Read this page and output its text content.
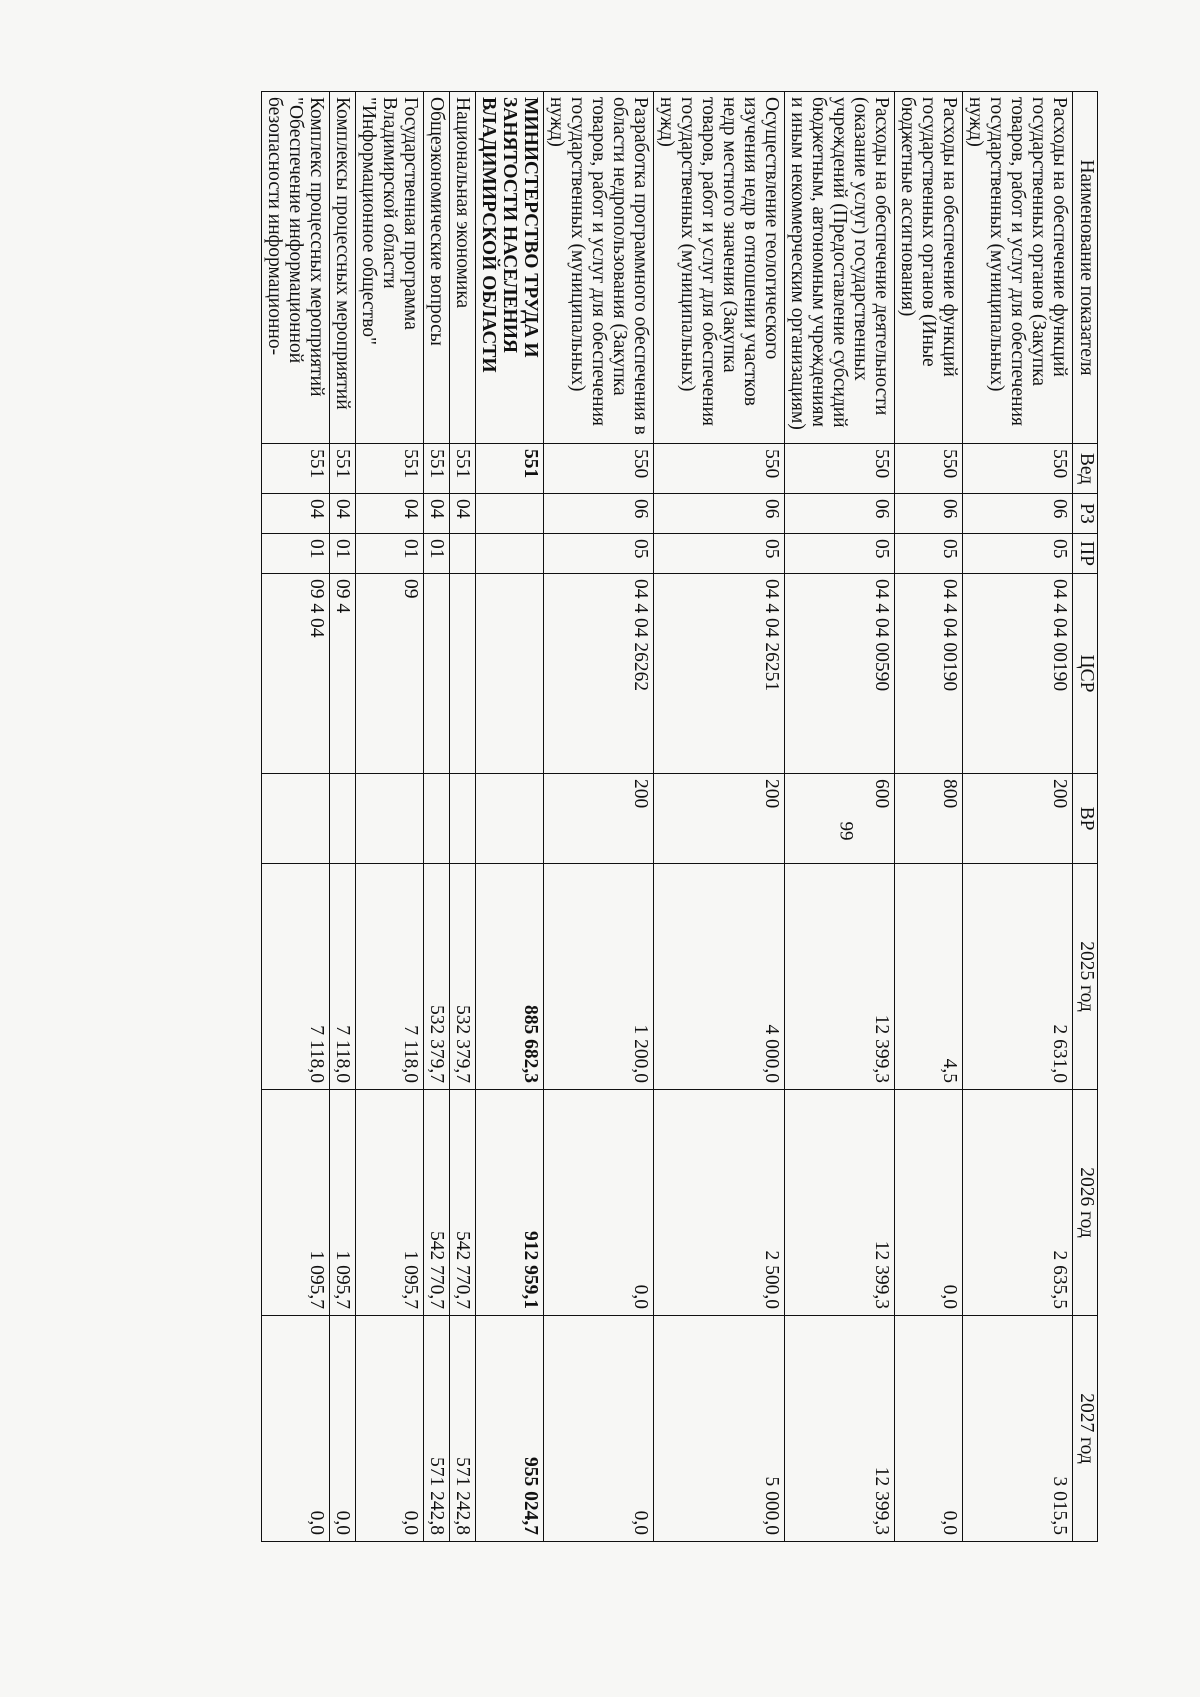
99
Наименование показателя	Вед	РЗ	ПР	ЦСР	ВР	2025 год	2026 год	2027 год
Расходы на обеспечение функций государственных органов (Закупка товаров, работ и услуг для обеспечения государственных (муниципальных) нужд)	550	06	05	04 4 04 00190	200	2 631,0	2 635,5	3 015,5
Расходы на обеспечение функций государственных органов (Иные бюджетные ассигнования)	550	06	05	04 4 04 00190	800	4,5	0,0	0,0
Расходы на обеспечение деятельности (оказание услуг) государственных учреждений (Предоставление субсидий бюджетным, автономным учреждениям и иным некоммерческим организациям)	550	06	05	04 4 04 00590	600	12 399,3	12 399,3	12 399,3
Осуществление геологического изучения недр в отношении участков недр местного значения (Закупка товаров, работ и услуг для обеспечения государственных (муниципальных) нужд)	550	06	05	04 4 04 26251	200	4 000,0	2 500,0	5 000,0
Разработка программного обеспечения в области недропользования (Закупка товаров, работ и услуг для обеспечения государственных (муниципальных) нужд)	550	06	05	04 4 04 26262	200	1 200,0	0,0	0,0
МИНИСТЕРСТВО ТРУДА И ЗАНЯТОСТИ НАСЕЛЕНИЯ ВЛАДИМИРСКОЙ ОБЛАСТИ	551					885 682,3	912 959,1	955 024,7
Национальная экономика	551	04				532 379,7	542 770,7	571 242,8
Общеэкономические вопросы	551	04	01			532 379,7	542 770,7	571 242,8
Государственная программа Владимирской области "Информационное общество"	551	04	01	09		7 118,0	1 095,7	0,0
Комплексы процессных мероприятий	551	04	01	09 4		7 118,0	1 095,7	0,0
Комплекс процессных мероприятий "Обеспечение информационной безопасности информационно-	551	04	01	09 4 04		7 118,0	1 095,7	0,0
